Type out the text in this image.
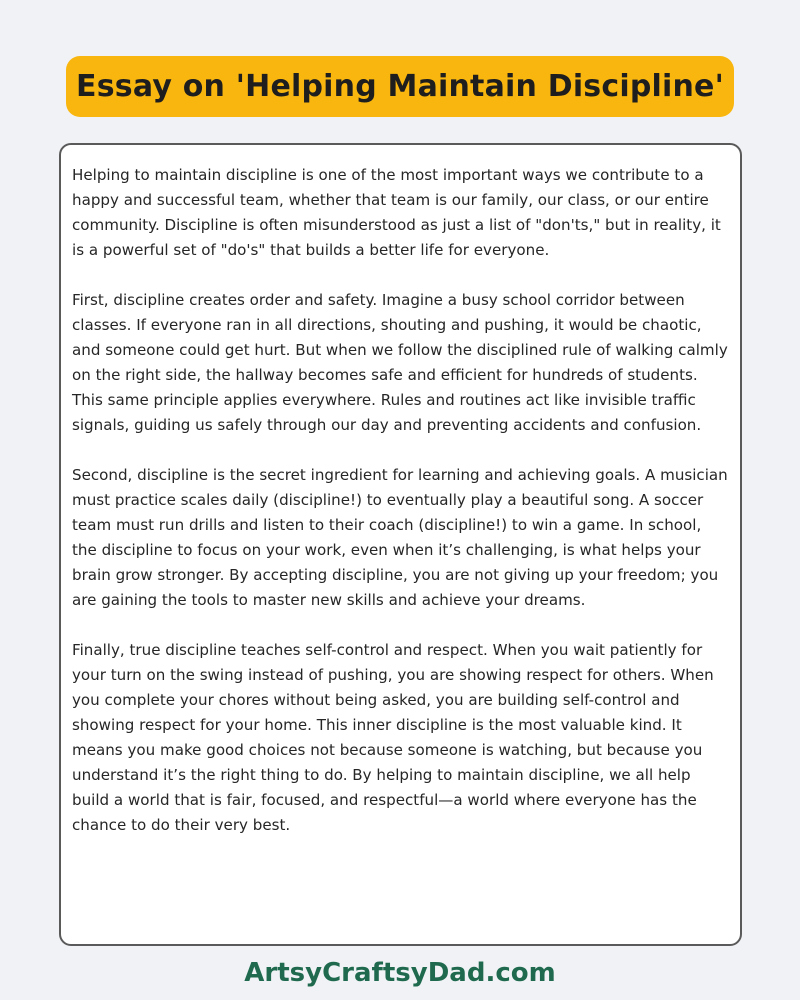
Essay on 'Helping Maintain Discipline'

Helping to maintain discipline is one of the most important ways we contribute to a happy and successful team, whether that team is our family, our class, or our entire community. Discipline is often misunderstood as just a list of "don'ts," but in reality, it is a powerful set of "do's" that builds a better life for everyone.

First, discipline creates order and safety. Imagine a busy school corridor between classes. If everyone ran in all directions, shouting and pushing, it would be chaotic, and someone could get hurt. But when we follow the disciplined rule of walking calmly on the right side, the hallway becomes safe and efficient for hundreds of students. This same principle applies everywhere. Rules and routines act like invisible traffic signals, guiding us safely through our day and preventing accidents and confusion.

Second, discipline is the secret ingredient for learning and achieving goals. A musician must practice scales daily (discipline!) to eventually play a beautiful song. A soccer team must run drills and listen to their coach (discipline!) to win a game. In school, the discipline to focus on your work, even when it’s challenging, is what helps your brain grow stronger. By accepting discipline, you are not giving up your freedom; you are gaining the tools to master new skills and achieve your dreams.

Finally, true discipline teaches self-control and respect. When you wait patiently for your turn on the swing instead of pushing, you are showing respect for others. When you complete your chores without being asked, you are building self-control and showing respect for your home. This inner discipline is the most valuable kind. It means you make good choices not because someone is watching, but because you understand it’s the right thing to do. By helping to maintain discipline, we all help build a world that is fair, focused, and respectful—a world where everyone has the chance to do their very best.

ArtsyCraftsyDad.com
